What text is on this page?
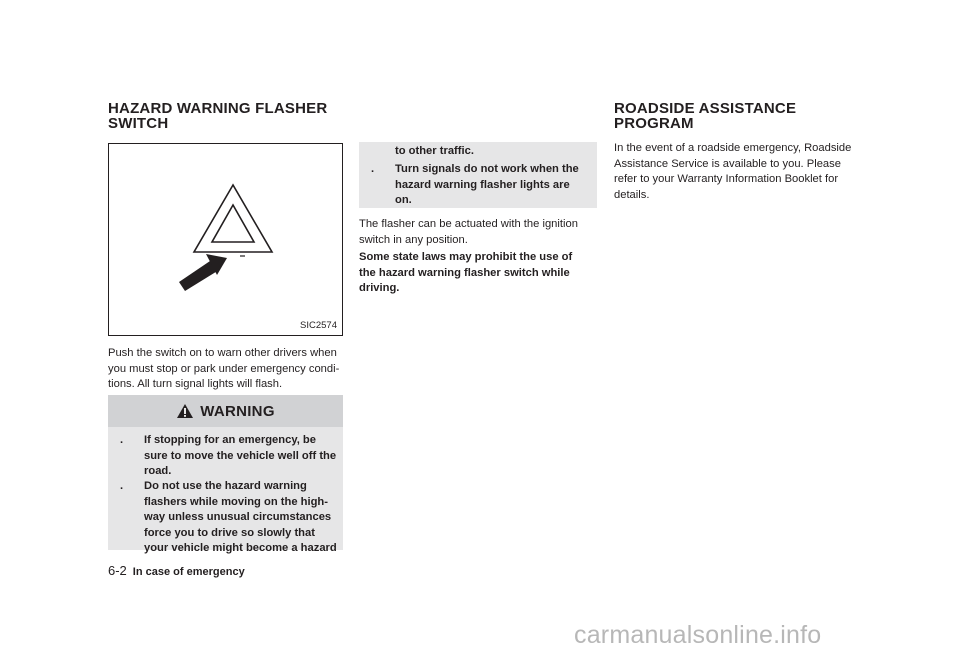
HAZARD WARNING FLASHER
SWITCH
SIC2574
Push the switch on to warn other drivers when
you must stop or park under emergency condi-
tions. All turn signal lights will flash.
WARNING
. If stopping for an emergency, be
sure to move the vehicle well off the
road.
. Do not use the hazard warning
flashers while moving on the high-
way unless unusual circumstances
force you to drive so slowly that
your vehicle might become a hazard
to other traffic.
. Turn signals do not work when the
hazard warning flasher lights are
on.
The flasher can be actuated with the ignition
switch in any position.
Some state laws may prohibit the use of
the hazard warning flasher switch while
driving.
ROADSIDE ASSISTANCE
PROGRAM
In the event of a roadside emergency, Roadside
Assistance Service is available to you. Please
refer to your Warranty Information Booklet for
details.
6-2 In case of emergency
carmanualsonline.info
